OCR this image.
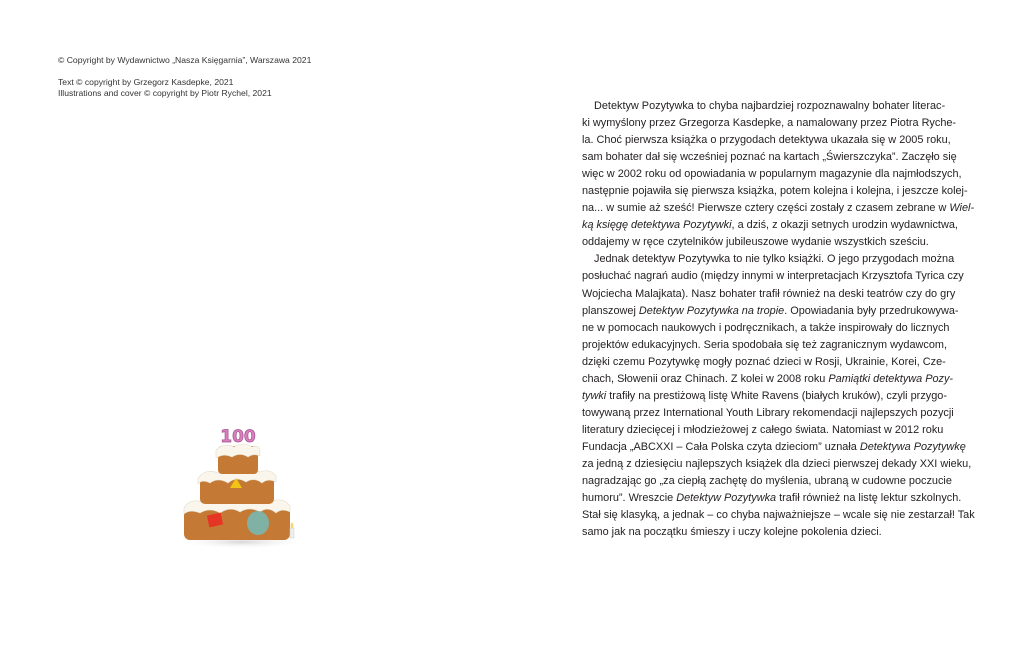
© Copyright by Wydawnictwo „Nasza Księgarnia”, Warszawa 2021
Text © copyright by Grzegorz Kasdepke, 2021
Illustrations and cover © copyright by Piotr Rychel, 2021
100
Detektyw Pozytywka to chyba najbardziej rozpoznawalny bohater literac-
ki wymyślony przez Grzegorza Kasdepke, a namalowany przez Piotra Ryche-
la. Choć pierwsza książka o przygodach detektywa ukazała się w 2005 roku,
sam bohater dał się wcześniej poznać na kartach „Świerszczyka”. Zaczęło się
więc w 2002 roku od opowiadania w popularnym magazynie dla najmłodszych,
następnie pojawiła się pierwsza książka, potem kolejna i kolejna, i jeszcze kolej-
na... w sumie aż sześć! Pierwsze cztery części zostały z czasem zebrane w Wiel-
ką księgę detektywa Pozytywki, a dziś, z okazji setnych urodzin wydawnictwa,
oddajemy w ręce czytelników jubileuszowe wydanie wszystkich sześciu.
Jednak detektyw Pozytywka to nie tylko książki. O jego przygodach można
posłuchać nagrań audio (między innymi w interpretacjach Krzysztofa Tyrica czy
Wojciecha Malajkata). Nasz bohater trafił również na deski teatrów czy do gry
planszowej Detektyw Pozytywka na tropie. Opowiadania były przedrukowywa-
ne w pomocach naukowych i podręcznikach, a także inspirowały do licznych
projektów edukacyjnych. Seria spodobała się też zagranicznym wydawcom,
dzięki czemu Pozytywkę mogły poznać dzieci w Rosji, Ukrainie, Korei, Cze-
chach, Słowenii oraz Chinach. Z kolei w 2008 roku Pamiątki detektywa Pozy-
tywki trafiły na prestiżową listę White Ravens (białych kruków), czyli przygo-
towywaną przez International Youth Library rekomendacji najlepszych pozycji
literatury dziecięcej i młodzieżowej z całego świata. Natomiast w 2012 roku
Fundacja „ABCXXI – Cała Polska czyta dzieciom” uznała Detektywa Pozytywkę
za jedną z dziesięciu najlepszych książek dla dzieci pierwszej dekady XXI wieku,
nagradzając go „za ciepłą zachętę do myślenia, ubraną w cudowne poczucie
humoru”. Wreszcie Detektyw Pozytywka trafił również na listę lektur szkolnych.
Stał się klasyką, a jednak – co chyba najważniejsze – wcale się nie zestarzał! Tak
samo jak na początku śmieszy i uczy kolejne pokolenia dzieci.
